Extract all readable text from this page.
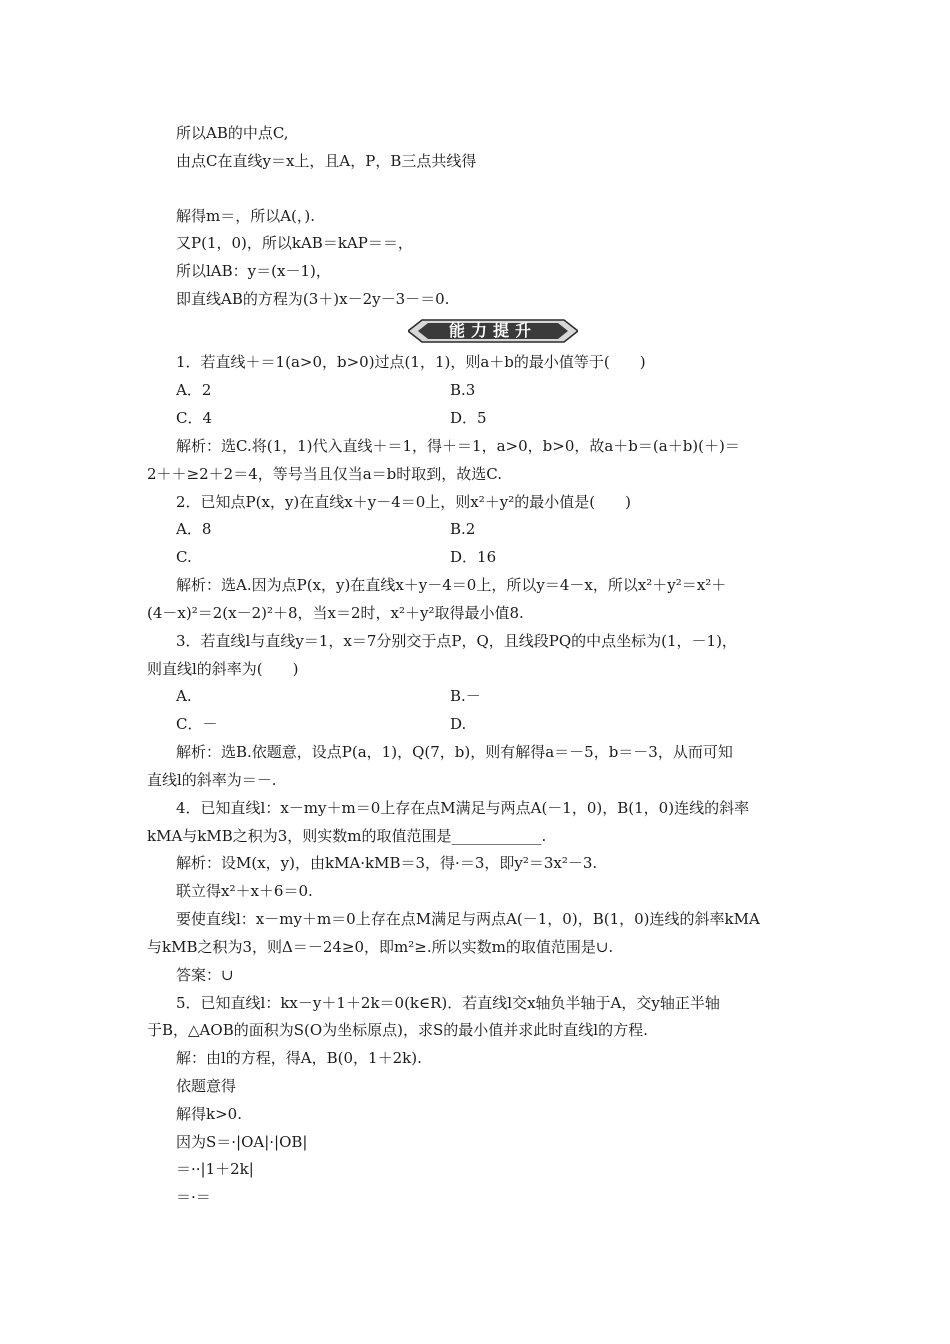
所以AB的中点C,
由点C在直线y＝x上，且A，P，B三点共线得
解得m＝，所以A(，).
又P(1，0)，所以kAB＝kAP＝＝，
所以lAB：y＝(x－1)，
即直线AB的方程为(3＋)x－2y－3－＝0.
能力提升
1．若直线＋＝1(a>0，b>0)过点(1，1)，则a＋b的最小值等于(　　)
A．2	B.3
C．4	D．5
解析：选C.将(1，1)代入直线＋＝1，得＋＝1，a>0，b>0，故a＋b＝(a＋b)(＋)＝
2＋＋≥2＋2＝4，等号当且仅当a＝b时取到，故选C.
2．已知点P(x，y)在直线x＋y－4＝0上，则x²＋y²的最小值是(　　)
A．8	B.2
C.	D．16
解析：选A.因为点P(x，y)在直线x＋y－4＝0上，所以y＝4－x，所以x²＋y²＝x²＋
(4－x)²＝2(x－2)²＋8，当x＝2时，x²＋y²取得最小值8.
3．若直线l与直线y＝1，x＝7分别交于点P，Q，且线段PQ的中点坐标为(1，－1)，
则直线l的斜率为(　　)
A.	B.－
C．－	D.
解析：选B.依题意，设点P(a，1)，Q(7，b)，则有解得a＝－5，b＝－3，从而可知
直线l的斜率为＝－.
4．已知直线l：x－my＋m＝0上存在点M满足与两点A(－1，0)，B(1，0)连线的斜率
kMA与kMB之积为3，则实数m的取值范围是____________.
解析：设M(x，y)，由kMA·kMB＝3，得·＝3，即y²＝3x²－3.
联立得x²＋x＋6＝0.
要使直线l：x－my＋m＝0上存在点M满足与两点A(－1，0)，B(1，0)连线的斜率kMA
与kMB之积为3，则Δ＝－24≥0，即m²≥.所以实数m的取值范围是∪.
答案：∪
5．已知直线l：kx－y＋1＋2k＝0(k∈R)．若直线l交x轴负半轴于A，交y轴正半轴
于B，△AOB的面积为S(O为坐标原点)，求S的最小值并求此时直线l的方程.
解：由l的方程，得A，B(0，1＋2k).
依题意得
解得k>0.
因为S＝·|OA|·|OB|
＝··|1＋2k|
＝·＝
